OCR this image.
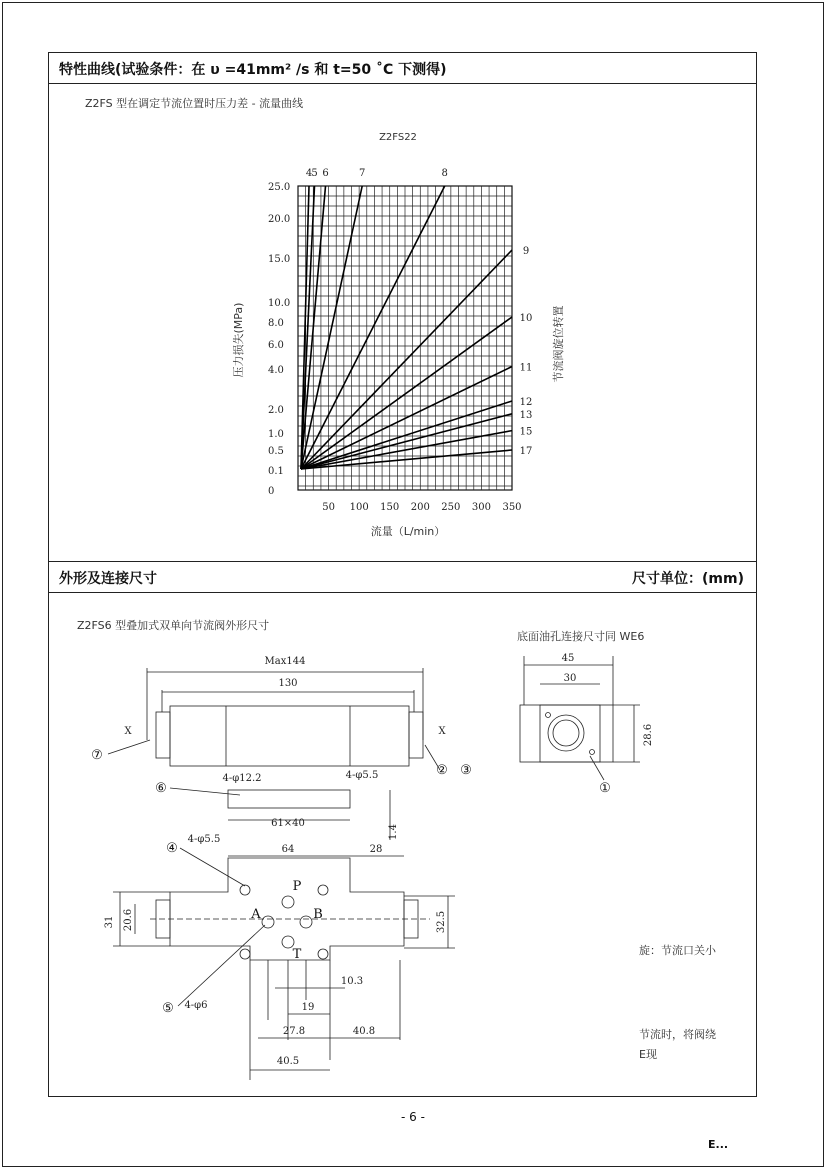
特性曲线(试验条件：在 υ =41mm² /s 和 t=50 ˚C 下测得)
Z2FS 型在调定节流位置时压力差 - 流量曲线
外形及连接尺寸	尺寸单位：(mm)
Z2FS6 型叠加式双单向节流阀外形尺寸
底面油孔连接尺寸同 WE6
旋：节流口关小
节流时，将阀绕
E现
0
0.1
0.5
1.0
2.0
4.0
6.0
8.0
10.0
15.0
20.0
25.0
50 100 150 200 250 300 350
4 5 6	7	8
9
10
11
12
13
15
17
Z2FS22
流量（L/min）
压力损失(MPa)	节流阀旋位转置
Max144
130
X	X
4-φ12.2	4-φ5.5
61×40
1.4
4-φ5.5
64	28
31 20.6	32.5
10.3
19
27.8	40.8
40.5
4-φ6
45
30
28.6
P
A	B
T
⑦
② ③
⑥
④
⑤
①
- 6 -
E...
